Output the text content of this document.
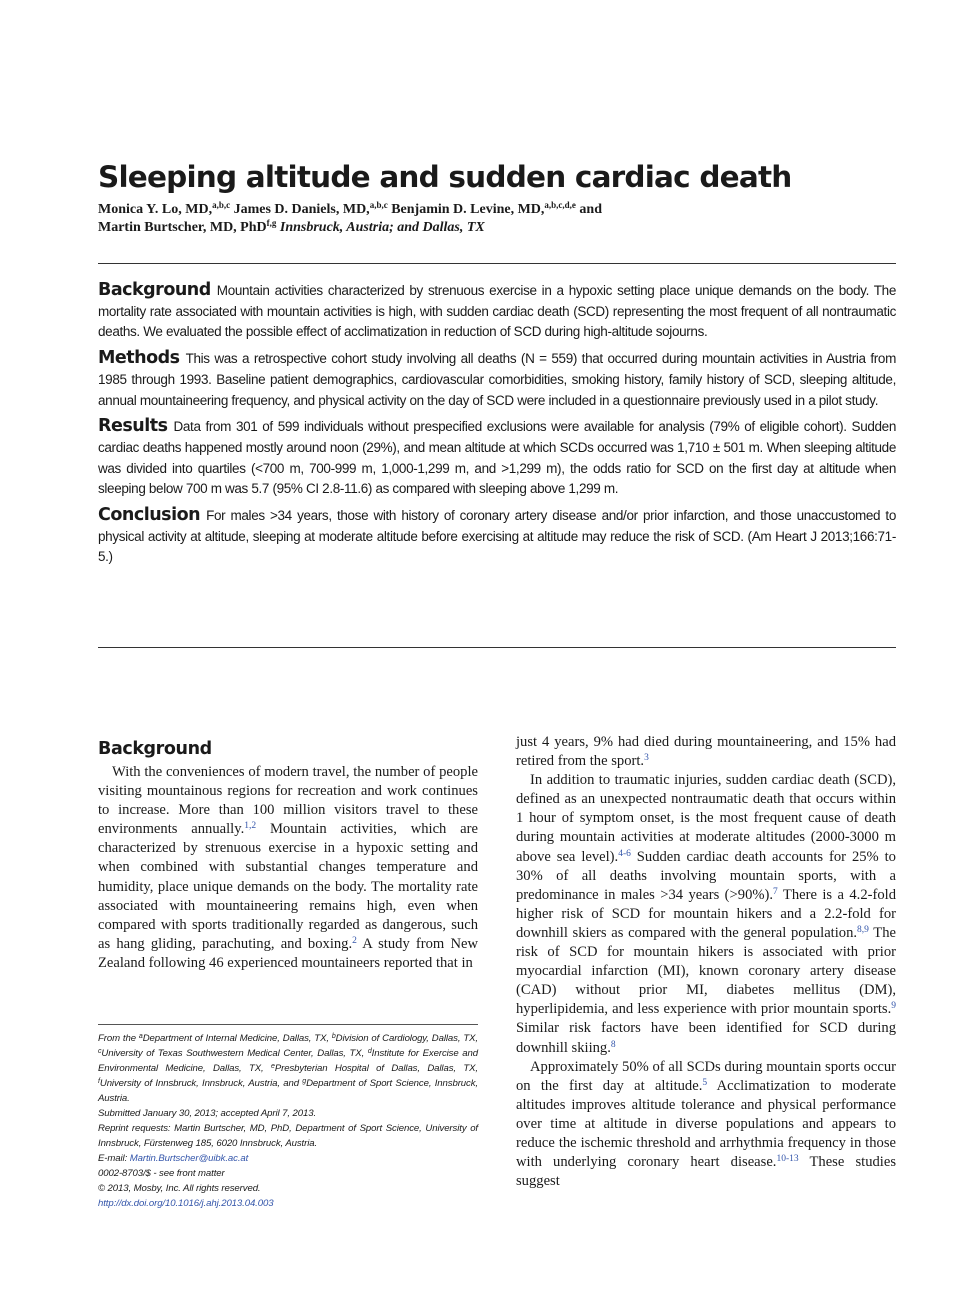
Sleeping altitude and sudden cardiac death
Monica Y. Lo, MD,$^{a,b,c}$ James D. Daniels, MD,$^{a,b,c}$ Benjamin D. Levine, MD,$^{a,b,c,d,e}$ and
Martin Burtscher, MD, PhD$^{f,g}$ Innsbruck, Austria; and Dallas, TX

Background Mountain activities characterized by strenuous exercise in a hypoxic setting place unique demands on the body. The mortality rate associated with mountain activities is high, with sudden cardiac death (SCD) representing the most frequent of all nontraumatic deaths. We evaluated the possible effect of acclimatization in reduction of SCD during high-altitude sojourns.

Methods This was a retrospective cohort study involving all deaths (N = 559) that occurred during mountain activities in Austria from 1985 through 1993. Baseline patient demographics, cardiovascular comorbidities, smoking history, family history of SCD, sleeping altitude, annual mountaineering frequency, and physical activity on the day of SCD were included in a questionnaire previously used in a pilot study.

Results Data from 301 of 599 individuals without prespecified exclusions were available for analysis (79% of eligible cohort). Sudden cardiac deaths happened mostly around noon (29%), and mean altitude at which SCDs occurred was 1,710 ± 501 m. When sleeping altitude was divided into quartiles (<700 m, 700-999 m, 1,000-1,299 m, and >1,299 m), the odds ratio for SCD on the first day at altitude when sleeping below 700 m was 5.7 (95% CI 2.8-11.6) as compared with sleeping above 1,299 m.

Conclusion For males >34 years, those with history of coronary artery disease and/or prior infarction, and those unaccustomed to physical activity at altitude, sleeping at moderate altitude before exercising at altitude may reduce the risk of SCD. (Am Heart J 2013;166:71-5.)

Background

With the conveniences of modern travel, the number of people visiting mountainous regions for recreation and work continues to increase. More than 100 million visitors travel to these environments annually.$^{1,2}$ Mountain activities, which are characterized by strenuous exercise in a hypoxic setting and when combined with substantial changes temperature and humidity, place unique demands on the body. The mortality rate associated with mountaineering remains high, even when compared with sports traditionally regarded as dangerous, such as hang gliding, parachuting, and boxing.$^2$ A study from New Zealand following 46 experienced mountaineers reported that in

just 4 years, 9% had died during mountaineering, and 15% had retired from the sport.$^3$

In addition to traumatic injuries, sudden cardiac death (SCD), defined as an unexpected nontraumatic death that occurs within 1 hour of symptom onset, is the most frequent cause of death during mountain activities at moderate altitudes (2000-3000 m above sea level).$^{4-6}$ Sudden cardiac death accounts for 25% to 30% of all deaths involving mountain sports, with a predominance in males >34 years (>90%).$^7$ There is a 4.2-fold higher risk of SCD for mountain hikers and a 2.2-fold for downhill skiers as compared with the general population.$^{8,9}$ The risk of SCD for mountain hikers is associated with prior myocardial infarction (MI), known coronary artery disease (CAD) without prior MI, diabetes mellitus (DM), hyperlipidemia, and less experience with prior mountain sports.$^9$ Similar risk factors have been identified for SCD during downhill skiing.$^8$

Approximately 50% of all SCDs during mountain sports occur on the first day at altitude.$^5$ Acclimatization to moderate altitudes improves altitude tolerance and physical performance over time at altitude in diverse populations and appears to reduce the ischemic threshold and arrhythmia frequency in those with underlying coronary heart disease.$^{10-13}$ These studies suggest

From the $^a$Department of Internal Medicine, Dallas, TX, $^b$Division of Cardiology, Dallas, TX, $^c$University of Texas Southwestern Medical Center, Dallas, TX, $^d$Institute for Exercise and Environmental Medicine, Dallas, TX, $^e$Presbyterian Hospital of Dallas, Dallas, TX, $^f$University of Innsbruck, Innsbruck, Austria, and $^g$Department of Sport Science, Innsbruck, Austria.
Submitted January 30, 2013; accepted April 7, 2013.
Reprint requests: Martin Burtscher, MD, PhD, Department of Sport Science, University of Innsbruck, Fürstenweg 185, 6020 Innsbruck, Austria.
E-mail: Martin.Burtscher@uibk.ac.at
0002-8703/$ - see front matter
© 2013, Mosby, Inc. All rights reserved.
http://dx.doi.org/10.1016/j.ahj.2013.04.003
